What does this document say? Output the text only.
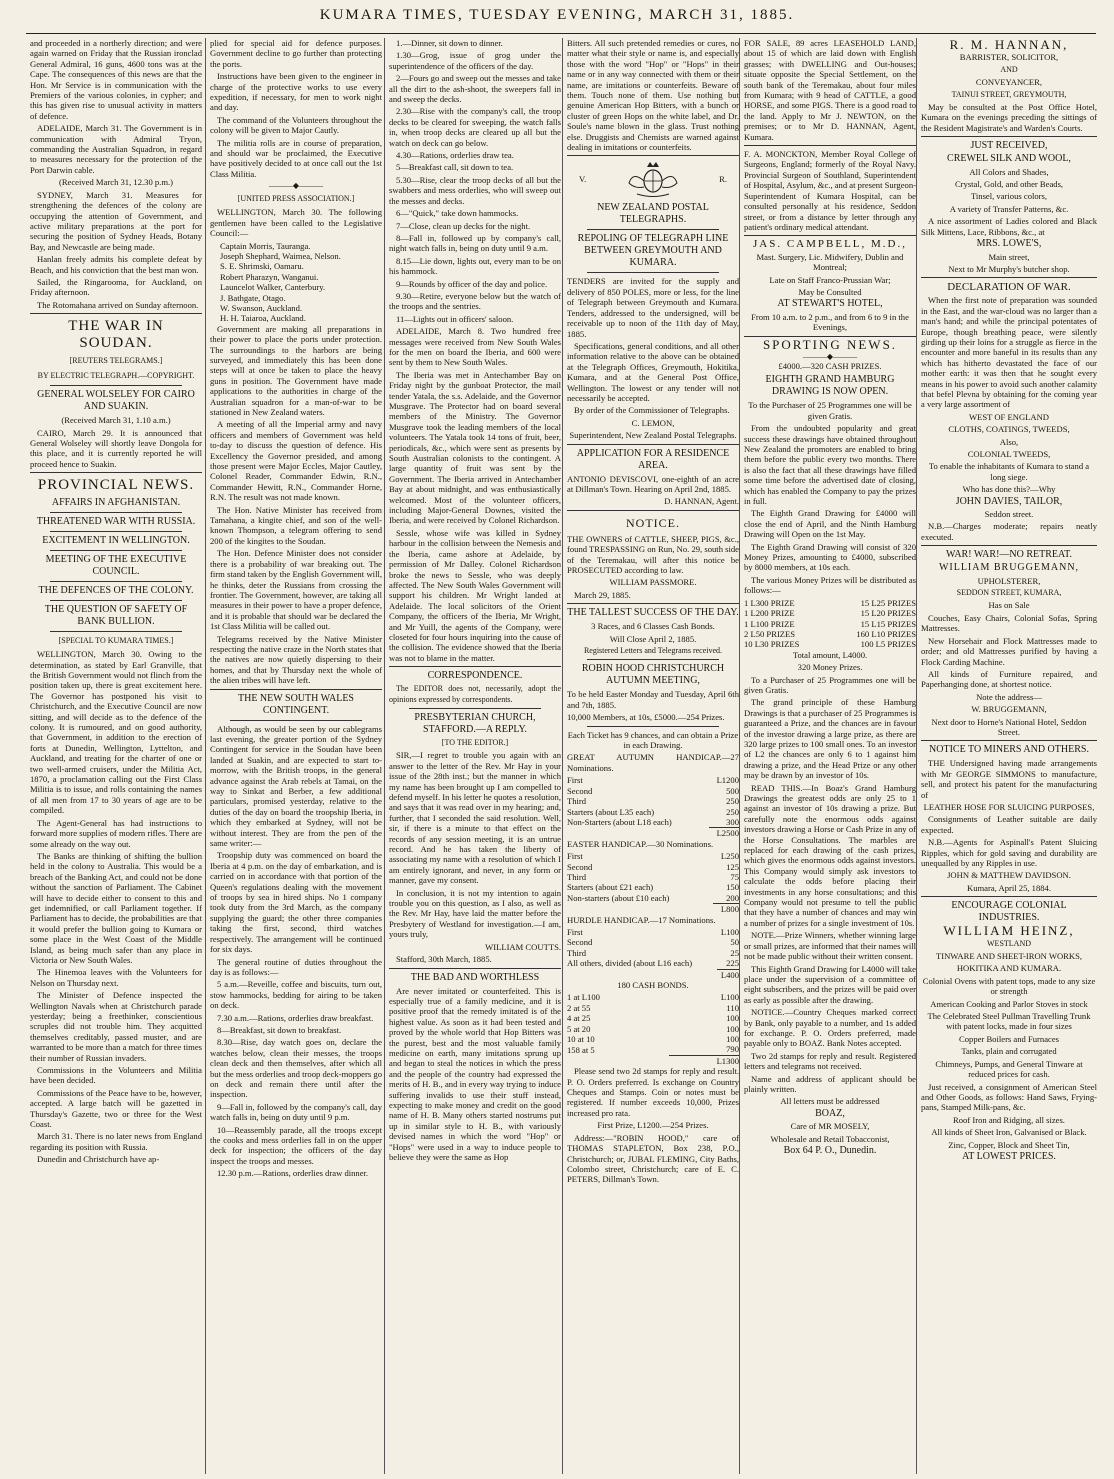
KUMARA TIMES, TUESDAY EVENING, MARCH 31, 1885.

and proceeded in a northerly direction; and were again warned on Friday that the Russian ironclad General Admiral, 16 guns, 4600 tons was at the Cape. The consequences of this news are that the Hon. Mr Service is in communication with the Premiers of the various colonies, in cypher; and this has given rise to unusual activity in matters of defence.

ADELAIDE, March 31. The Government is in communication with Admiral Tryon, commanding the Australian Squadron, in regard to measures necessary for the protection of the Port Darwin cable.

(Received March 31, 12.30 p.m.)

SYDNEY, March 31. Measures for strengthening the defences of the colony are occupying the attention of Government, and active military preparations at the port for securing the position of Sydney Heads, Botany Bay, and Newcastle are being made.

Hanlan freely admits his complete defeat by Beach, and his conviction that the best man won.

Sailed, the Ringarooma, for Auckland, on Friday afternoon.

The Rotomahana arrived on Sunday afternoon.

THE WAR IN SOUDAN.
[REUTERS TELEGRAMS.]
BY ELECTRIC TELEGRAPH.—COPYRIGHT.
GENERAL WOLSELEY FOR CAIRO AND SUAKIN.

(Received March 31, 1.10 a.m.)

CAIRO, March 29. It is announced that General Wolseley will shortly leave Dongola for this place, and it is currently reported he will proceed hence to Suakin.

PROVINCIAL NEWS.
AFFAIRS IN AFGHANISTAN.
THREATENED WAR WITH RUSSIA.
EXCITEMENT IN WELLINGTON.
MEETING OF THE EXECUTIVE COUNCIL.
THE DEFENCES OF THE COLONY.
THE QUESTION OF SAFETY OF BANK BULLION.
[SPECIAL TO KUMARA TIMES.]

WELLINGTON, March 30. Owing to the determination, as stated by Earl Granville, that the British Government would not flinch from the position taken up, there is great excitement here. The Governor has postponed his visit to Christchurch, and the Executive Council are now sitting, and will decide as to the defence of the colony. It is rumoured, and on good authority, that Government, in addition to the erection of forts at Dunedin, Wellington, Lyttelton, and Auckland, and treating for the charter of one or two well-armed cruisers, under the Militia Act, 1870, a proclamation calling out the First Class Militia is to issue, and rolls containing the names of all men from 17 to 30 years of age are to be compiled.

The Agent-General has had instructions to forward more supplies of modern rifles. There are some already on the way out.

The Banks are thinking of shifting the bullion held in the colony to Australia. This would be a breach of the Banking Act, and could not be done without the sanction of Parliament. The Cabinet will have to decide either to consent to this and get indemnified, or call Parliament together. If Parliament has to decide, the probabilities are that it would prefer the bullion going to Kumara or some place in the West Coast of the Middle Island, as being much safer than any place in Victoria or New South Wales.

The Hinemoa leaves with the Volunteers for Nelson on Thursday next.

The Minister of Defence inspected the Wellington Navals when at Christchurch parade yesterday; being a freethinker, conscientious scruples did not trouble him. They acquitted themselves creditably, passed muster, and are warranted to be more than a match for three times their number of Russian invaders.

Commissions in the Volunteers and Militia have been decided.

Commissions of the Peace have to be, however, accepted. A large batch will be gazetted in Thursday's Gazette, two or three for the West Coast.

March 31. There is no later news from England regarding its position with Russia.

Dunedin and Christchurch have ap-

plied for special aid for defence purposes. Government decline to go further than protecting the ports.

Instructions have been given to the engineer in charge of the protective works to use every expedition, if necessary, for men to work night and day.

The command of the Volunteers throughout the colony will be given to Major Cautly.

The militia rolls are in course of preparation, and should war be proclaimed, the Executive have positively decided to at once call out the 1st Class Militia.

———◆———
[UNITED PRESS ASSOCIATION.]

WELLINGTON, March 30. The following gentlemen have been called to the Legislative Council:—

Captain Morris, Tauranga.
Joseph Shephard, Waimea, Nelson.
S. E. Shrimski, Oamaru.
Robert Pharazyn, Wanganui.
Launcelot Walker, Canterbury.
J. Bathgate, Otago.
W. Swanson, Auckland.
H. H. Taiaroa, Auckland.

Government are making all preparations in their power to place the ports under protection. The surroundings to the harbors are being surveyed, and immediately this has been done steps will at once be taken to place the heavy guns in position. The Government have made applications to the authorities in charge of the Australian squadron for a man-of-war to be stationed in New Zealand waters.

A meeting of all the Imperial army and navy officers and members of Government was held to-day to discuss the question of defence. His Excellency the Governor presided, and among those present were Major Eccles, Major Cautley, Colonel Reader, Commander Edwin, R.N., Commander Hewitt, R.N., Commander Horne, R.N. The result was not made known.

The Hon. Native Minister has received from Tamahana, a kingite chief, and son of the well-known Thompson, a telegram offering to send 200 of the kingites to the Soudan.

The Hon. Defence Minister does not consider there is a probability of war breaking out. The firm stand taken by the English Government will, he thinks, deter the Russians from crossing the frontier. The Government, however, are taking all measures in their power to have a proper defence, and it is probable that should war be declared the 1st Class Militia will be called out.

Telegrams received by the Native Minister respecting the native craze in the North states that the natives are now quietly dispersing to their homes, and that by Thursday next the whole of the alien tribes will have left.

THE NEW SOUTH WALES CONTINGENT.

Although, as would be seen by our cablegrams last evening, the greater portion of the Sydney Contingent for service in the Soudan have been landed at Suakin, and are expected to start to-morrow, with the British troops, in the general advance against the Arab rebels at Tamai, on the way to Sinkat and Berber, a few additional particulars, promised yesterday, relative to the duties of the day on board the troopship Iberia, in which they embarked at Sydney, will not be without interest. They are from the pen of the same writer:—

Troopship duty was commenced on board the Iberia at 4 p.m. on the day of embarkation, and is carried on in accordance with that portion of the Queen's regulations dealing with the movement of troops by sea in hired ships. No 1 company took duty from the 3rd March, as the company supplying the guard; the other three companies taking the first, second, third watches respectively. The arrangement will be continued for six days.

The general routine of duties throughout the day is as follows:—

5 a.m.—Reveille, coffee and biscuits, turn out, stow hammocks, bedding for airing to be taken on deck.

7.30 a.m.—Rations, orderlies draw breakfast.

8—Breakfast, sit down to breakfast.

8.30—Rise, day watch goes on, declare the watches below, clean their messes, the troops clean deck and then themselves, after which all but the mess orderlies and troop deck-moppers go on deck and remain there until after the inspection.

9—Fall in, followed by the company's call, day watch falls in, being on duty until 9 p.m.

10—Reassembly parade, all the troops except the cooks and mess orderlies fall in on the upper deck for inspection; the officers of the day inspect the troops and messes.

12.30 p.m.—Rations, orderlies draw dinner.

1.—Dinner, sit down to dinner.

1.30—Grog, issue of grog under the superintendence of the officers of the day.

2—Fours go and sweep out the messes and take all the dirt to the ash-shoot, the sweepers fall in and sweep the decks.

2.30—Rise with the company's call, the troop decks to be cleared for sweeping, the watch falls in, when troop decks are cleared up all but the watch on deck can go below.

4.30—Rations, orderlies draw tea.

5—Breakfast call, sit down to tea.

5.30—Rise, clear the troop decks of all but the swabbers and mess orderlies, who will sweep out the messes and decks.

6—"Quick," take down hammocks.

7—Close, clean up decks for the night.

8—Fall in, followed up by company's call, night watch falls in, being on duty until 9 a.m.

8.15—Lie down, lights out, every man to be on his hammock.

9—Rounds by officer of the day and police.

9.30—Retire, everyone below but the watch of the troops and the sentries.

11—Lights out in officers' saloon.

ADELAIDE, March 8. Two hundred free messages were received from New South Wales for the men on board the Iberia, and 600 were sent by them to New South Wales.

The Iberia was met in Antechamber Bay on Friday night by the gunboat Protector, the mail tender Yatala, the s.s. Adelaide, and the Governor Musgrave. The Protector had on board several members of the Ministry. The Governor Musgrave took the leading members of the local volunteers. The Yatala took 14 tons of fruit, beer, periodicals, &c., which were sent as presents by South Australian colonists to the contingent. A large quantity of fruit was sent by the Government. The Iberia arrived in Antechamber Bay at about midnight, and was enthusiastically welcomed. Most of the volunteer officers, including Major-General Downes, visited the Iberia, and were received by Colonel Richardson.

Sessle, whose wife was killed in Sydney harbour in the collision between the Nemesis and the Iberia, came ashore at Adelaide, by permission of Mr Dalley. Colonel Richardson broke the news to Sessle, who was deeply affected. The New South Wales Government will support his children. Mr Wright landed at Adelaide. The local solicitors of the Orient Company, the officers of the Iberia, Mr Wright, and Mr Yuill, the agents of the Company, were closeted for four hours inquiring into the cause of the collision. The evidence showed that the Iberia was not to blame in the matter.

CORRESPONDENCE.

The EDITOR does not, necessarily, adopt the opinions expressed by correspondents.

PRESBYTERIAN CHURCH, STAFFORD.—A REPLY.

[TO THE EDITOR.]

SIR,—I regret to trouble you again with an answer to the letter of the Rev. Mr Hay in your issue of the 28th inst.; but the manner in which my name has been brought up I am compelled to defend myself. In his letter he quotes a resolution, and says that it was read over in my hearing; and, further, that I seconded the said resolution. Well, sir, if there is a minute to that effect on the records of any session meeting, it is an untrue record. And he has taken the liberty of associating my name with a resolution of which I am entirely ignorant, and never, in any form or manner, gave my consent.

In conclusion, it is not my intention to again trouble you on this question, as I also, as well as the Rev. Mr Hay, have laid the matter before the Presbytery of Westland for investigation.—I am, yours truly,

WILLIAM COUTTS.

Stafford, 30th March, 1885.

THE BAD AND WORTHLESS

Are never imitated or counterfeited. This is especially true of a family medicine, and it is positive proof that the remedy imitated is of the highest value. As soon as it had been tested and proved by the whole world that Hop Bitters was the purest, best and the most valuable family medicine on earth, many imitations sprung up and began to steal the notices in which the press and the people of the country had expressed the merits of H. B., and in every way trying to induce suffering invalids to use their stuff instead, expecting to make money and credit on the good name of H. B. Many others started nostrums put up in similar style to H. B., with variously devised names in which the word "Hop" or "Hops" were used in a way to induce people to believe they were the same as Hop

Bitters. All such pretended remedies or cures, no matter what their style or name is, and especially those with the word "Hop" or "Hops" in their name or in any way connected with them or their name, are imitations or counterfeits. Beware of them. Touch none of them. Use nothing but genuine American Hop Bitters, with a bunch or cluster of green Hops on the white label, and Dr. Soule's name blown in the glass. Trust nothing else. Druggists and Chemists are warned against dealing in imitations or counterfeits.

V.	R.
NEW ZEALAND POSTAL TELEGRAPHS.
REPOLING OF TELEGRAPH LINE BETWEEN GREYMOUTH AND KUMARA.

TENDERS are invited for the supply and delivery of 850 POLES, more or less, for the line of Telegraph between Greymouth and Kumara. Tenders, addressed to the undersigned, will be receivable up to noon of the 11th day of May, 1885.

Specifications, general conditions, and all other information relative to the above can be obtained at the Telegraph Offices, Greymouth, Hokitika, Kumara, and at the General Post Office, Wellington. The lowest or any tender will not necessarily be accepted.

By order of the Commissioner of Telegraphs.

C. LEMON,

Superintendent, New Zealand Postal Telegraphs.

APPLICATION FOR A RESIDENCE AREA.

ANTONIO DEVISCOVI, one-eighth of an acre at Dillman's Town. Hearing on April 2nd, 1885.

D. HANNAN, Agent.

NOTICE.

THE OWNERS of CATTLE, SHEEP, PIGS, &c., found TRESPASSING on Run, No. 29, south side of the Teremakau, will after this notice be PROSECUTED according to law.

WILLIAM PASSMORE.

March 29, 1885.

THE TALLEST SUCCESS OF THE DAY.

3 Races, and 6 Classes Cash Bonds.

Will Close April 2, 1885.

Registered Letters and Telegrams received.

ROBIN HOOD CHRISTCHURCH AUTUMN MEETING,

To be held Easter Monday and Tuesday, April 6th and 7th, 1885.

10,000 Members, at 10s, £5000.—254 Prizes.

Each Ticket has 9 chances, and can obtain a Prize in each Drawing.

GREAT AUTUMN HANDICAP.—27 Nominations.

First	L1200
Second	500
Third	250
Starters (about L35 each)	250
Non-Starters (about L18 each)	300
	L2500

EASTER HANDICAP.—30 Nominations.

First	L250
Second	125
Third	75
Starters (about £21 each)	150
Non-starters (about £10 each)	200
	L800

HURDLE HANDICAP.—17 Nominations.

First	L100
Second	50
Third	25
All others, divided (about L16 each)	225
	L400

180 CASH BONDS.

1 at L100	L100
2 at 55	110
4 at 25	100
5 at 20	100
10 at 10	100
158 at 5	790
	L1300

Please send two 2d stamps for reply and result. P. O. Orders preferred. Is exchange on Country Cheques and Stamps. Coin or notes must be registered. If number exceeds 10,000, Prizes increased pro rata.

First Prize, L1200.—254 Prizes.

Address:—"ROBIN HOOD," care of THOMAS STAPLETON, Box 238, P.O., Christchurch; or, JUBAL FLEMING, City Baths, Colombo street, Christchurch; care of E. C. PETERS, Dillman's Town.

FOR SALE, 89 acres LEASEHOLD LAND, about 15 of which are laid down with English grasses; with DWELLING and Out-houses; situate opposite the Special Settlement, on the south bank of the Teremakau, about four miles from Kumara; with 9 head of CATTLE, a good HORSE, and some PIGS. There is a good road to the land. Apply to Mr J. NEWTON, on the premises; or to Mr D. HANNAN, Agent, Kumara.

F. A. MONCKTON, Member Royal College of Surgeons, England; formerly of the Royal Navy. Provincial Surgeon of Southland, Superintendent of Hospital, Asylum, &c., and at present Surgeon-Superintendent of Kumara Hospital, can be consulted personally at his residence, Seddon street, or from a distance by letter through any patient's ordinary medical attendant.

JAS. CAMPBELL, M.D.,

Mast. Surgery, Lic. Midwifery, Dublin and Montreal;

Late on Staff Franco-Prussian War;

May be Consulted

AT STEWART'S HOTEL,

From 10 a.m. to 2 p.m., and from 6 to 9 in the Evenings,

SPORTING NEWS.
———◆———

£4000.—320 CASH PRIZES.

EIGHTH GRAND HAMBURG DRAWING IS NOW OPEN.

To the Purchaser of 25 Programmes one will be given Gratis.

From the undoubted popularity and great success these drawings have obtained throughout New Zealand the promoters are enabled to bring them before the public every two months. There is also the fact that all these drawings have filled some time before the advertised date of closing, which has enabled the Company to pay the prizes in full.

The Eighth Grand Drawing for £4000 will close the end of April, and the Ninth Hamburg Drawing will Open on the 1st May.

The Eighth Grand Drawing will consist of 320 Money Prizes, amounting to £4000, subscribed by 8000 members, at 10s each.

The various Money Prizes will be distributed as follows:—

1 L300 PRIZE	15 L25 PRIZES
1 L200 PRIZE	15 L20 PRIZES
1 L100 PRIZE	15 L15 PRIZES
2 L50 PRIZES	160 L10 PRIZES
10 L30 PRIZES	100 L5 PRIZES

Total amount, L4000.

320 Money Prizes.

To a Purchaser of 25 Programmes one will be given Gratis.

The grand principle of these Hamburg Drawings is that a purchaser of 25 Programmes is guaranteed a Prize, and the chances are in favour of the investor drawing a large prize, as there are 320 large prizes to 100 small ones. To an investor of L2 the chances are only 6 to 1 against him drawing a prize, and the Head Prize or any other may be drawn by an investor of 10s.

READ THIS.—In Boaz's Grand Hamburg Drawings the greatest odds are only 25 to 1 against an investor of 10s drawing a prize. But carefully note the enormous odds against investors drawing a Horse or Cash Prize in any of the Horse Consultations. The marbles are replaced for each drawing of the cash prizes, which gives the enormous odds against investors. This Company would simply ask investors to calculate the odds before placing their investments in any horse consultations; and this Company would not presume to tell the public that they have a number of chances and may win a number of prizes for a single investment of 10s.

NOTE.—Prize Winners, whether winning large or small prizes, are informed that their names will not be made public without their written consent.

This Eighth Grand Drawing for L4000 will take place under the supervision of a committee of eight subscribers, and the prizes will be paid over as early as possible after the drawing.

NOTICE.—Country Cheques marked correct by Bank, only payable to a number, and 1s added for exchange. P. O. Orders preferred, made payable only to BOAZ. Bank Notes accepted.

Two 2d stamps for reply and result. Registered letters and telegrams not received.

Name and address of applicant should be plainly written.

All letters must be addressed

BOAZ,

Care of MR MOSELY,

Wholesale and Retail Tobacconist,

Box 64 P. O., Dunedin.

R. M. HANNAN,

BARRISTER, SOLICITOR,

AND

CONVEYANCER,

TAINUI STREET, GREYMOUTH,

May be consulted at the Post Office Hotel, Kumara on the evenings preceding the sittings of the Resident Magistrate's and Warden's Courts.

JUST RECEIVED,

CREWEL SILK AND WOOL,

All Colors and Shades,

Crystal, Gold, and other Beads,

Tinsel, various colors,

A variety of Transfer Patterns, &c.

A nice assortment of Ladies colored and Black Silk Mittens, Lace, Ribbons, &c., at

MRS. LOWE'S,

Main street,

Next to Mr Murphy's butcher shop.

DECLARATION OF WAR.

When the first note of preparation was sounded in the East, and the war-cloud was no larger than a man's hand; and while the principal potentates of Europe, though breathing peace, were silently girding up their loins for a struggle as fierce in the encounter and more baneful in its results than any which has hitherto devastated the face of our mother earth: it was then that he sought every means in his power to avoid such another calamity that befel Plevna by obtaining for the coming year a very large assortment of

WEST OF ENGLAND

CLOTHS, COATINGS, TWEEDS,

Also,

COLONIAL TWEEDS,

To enable the inhabitants of Kumara to stand a long siege.

Who has done this?—Why

JOHN DAVIES, TAILOR,

Seddon street.

N.B.—Charges moderate; repairs neatly executed.

WAR! WAR!—NO RETREAT.
WILLIAM BRUGGEMANN,

UPHOLSTERER,

SEDDON STREET, KUMARA,

Has on Sale

Couches, Easy Chairs, Colonial Sofas, Spring Mattresses.

New Horsehair and Flock Mattresses made to order; and old Mattresses purified by having a Flock Carding Machine.

All kinds of Furniture repaired, and Paperhanging done, at shortest notice.

Note the address—

W. BRUGGEMANN,

Next door to Horne's National Hotel, Seddon Street.

NOTICE TO MINERS AND OTHERS.

THE Undersigned having made arrangements with Mr GEORGE SIMMONS to manufacture, sell, and protect his patent for the manufacturing of

LEATHER HOSE FOR SLUICING PURPOSES,

Consignments of Leather suitable are daily expected.

N.B.—Agents for Aspinall's Patent Sluicing Ripples, which for gold saving and durability are unequalled by any Ripples in use.

JOHN & MATTHEW DAVIDSON.

Kumara, April 25, 1884.

ENCOURAGE COLONIAL INDUSTRIES.
WILLIAM HEINZ,

WESTLAND

TINWARE AND SHEET-IRON WORKS,

HOKITIKA AND KUMARA.

Colonial Ovens with patent tops, made to any size or strength

American Cooking and Parlor Stoves in stock

The Celebrated Steel Pullman Travelling Trunk with patent locks, made in four sizes

Copper Boilers and Furnaces

Tanks, plain and corrugated

Chimneys, Pumps, and General Tinware at reduced prices for cash.

Just received, a consignment of American Steel and Other Goods, as follows: Hand Saws, Frying-pans, Stamped Milk-pans, &c.

Roof Iron and Ridging, all sizes.

All kinds of Sheet Iron, Galvanised or Black.

Zinc, Copper, Block and Sheet Tin,

AT LOWEST PRICES.
